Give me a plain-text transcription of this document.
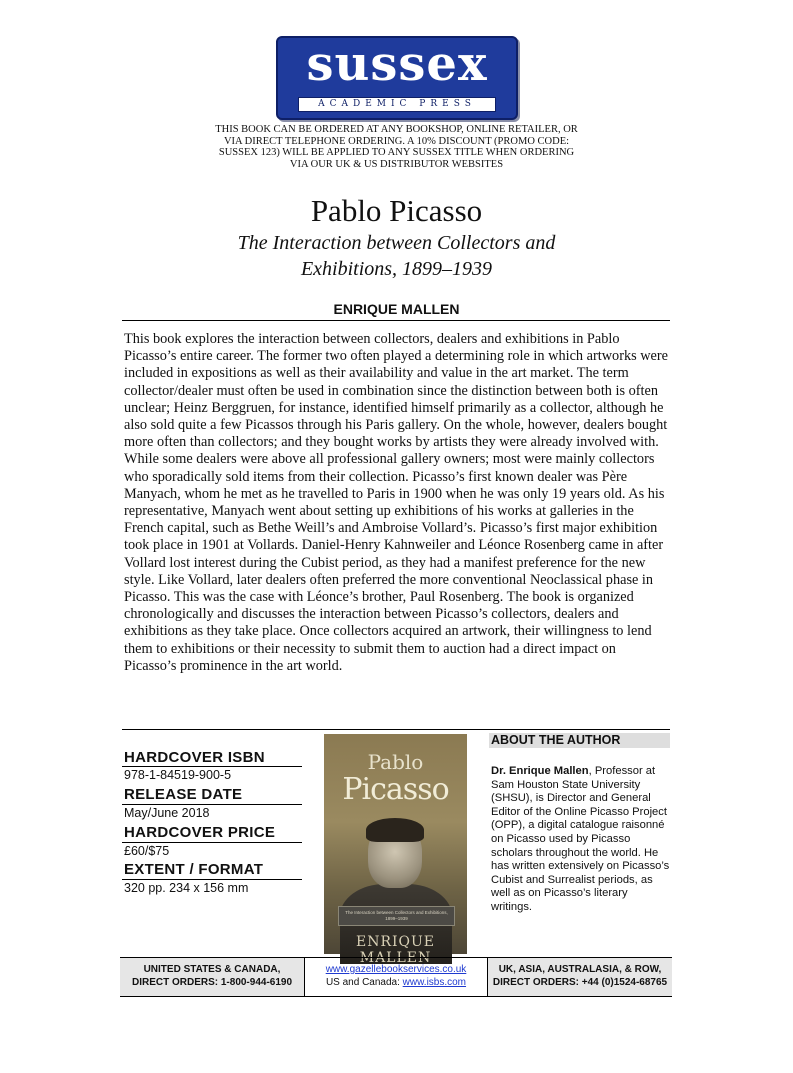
sussex
ACADEMIC PRESS
THIS BOOK CAN BE ORDERED AT ANY BOOKSHOP, ONLINE RETAILER, OR VIA DIRECT TELEPHONE ORDERING. A 10% DISCOUNT (PROMO CODE: SUSSEX 123) WILL BE APPLIED TO ANY SUSSEX TITLE WHEN ORDERING VIA OUR UK & US DISTRIBUTOR WEBSITES
Pablo Picasso
The Interaction between Collectors and
Exhibitions, 1899–1939
ENRIQUE MALLEN
This book explores the interaction between collectors, dealers and exhibitions in Pablo Picasso’s entire career. The former two often played a determining role in which artworks were included in expositions as well as their availability and value in the art market. The term collector/dealer must often be used in combination since the distinction between both is often unclear; Heinz Berggruen, for instance, identified himself primarily as a collector, although he also sold quite a few Picassos through his Paris gallery. On the whole, however, dealers bought more often than collectors; and they bought works by artists they were already involved with. While some dealers were above all professional gallery owners; most were mainly collectors who sporadically sold items from their collection. Picasso’s first known dealer was Père Manyach, whom he met as he travelled to Paris in 1900 when he was only 19 years old. As his representative, Manyach went about setting up exhibitions of his works at galleries in the French capital, such as Bethe Weill’s and Ambroise Vollard’s. Picasso’s first major exhibition took place in 1901 at Vollards. Daniel-Henry Kahnweiler and Léonce Rosenberg came in after Vollard lost interest during the Cubist period, as they had a manifest preference for the new style. Like Vollard, later dealers often preferred the more conventional Neoclassical phase in Picasso. This was the case with Léonce’s brother, Paul Rosenberg. The book is organized chronologically and discusses the interaction between Picasso’s collectors, dealers and exhibitions as they take place. Once collectors acquired an artwork, their willingness to lend them to exhibitions or their necessity to submit them to auction had a direct impact on Picasso’s prominence in the art world.
HARDCOVER ISBN
978-1-84519-900-5
RELEASE DATE
May/June 2018
HARDCOVER PRICE
£60/$75
EXTENT / FORMAT
320 pp. 234 x 156 mm
Pablo
Picasso
The Interaction between Collectors and Exhibitions, 1899–1939
ENRIQUE MALLEN
ABOUT THE AUTHOR
Dr. Enrique Mallen, Professor at Sam Houston State University (SHSU), is Director and General Editor of the Online Picasso Project (OPP), a digital catalogue raisonné on Picasso used by Picasso scholars throughout the world. He has written extensively on Picasso’s Cubist and Surrealist periods, as well as on Picasso’s literary writings.
UNITED STATES & CANADA,
DIRECT ORDERS: 1-800-944-6190
www.gazellebookservices.co.uk
US and Canada: www.isbs.com
UK, ASIA, AUSTRALASIA, & ROW,
DIRECT ORDERS: +44 (0)1524-68765
